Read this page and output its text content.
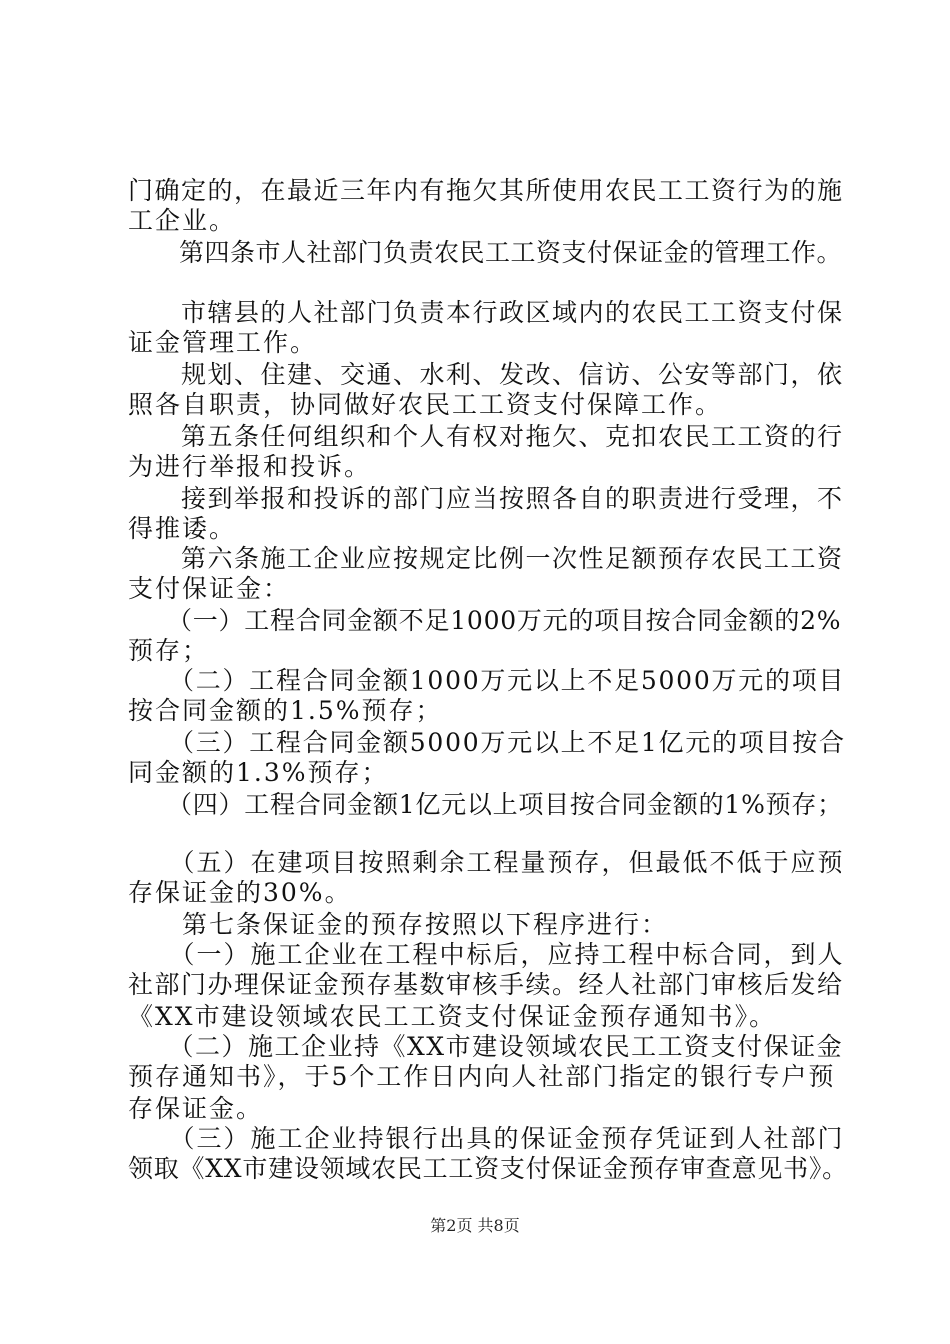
门确定的，在最近三年内有拖欠其所使用农民工工资行为的施
工企业。
　　第四条市人社部门负责农民工工资支付保证金的管理工作。
　　市辖县的人社部门负责本行政区域内的农民工工资支付保
证金管理工作。
　　规划、住建、交通、水利、发改、信访、公安等部门，依
照各自职责，协同做好农民工工资支付保障工作。
　　第五条任何组织和个人有权对拖欠、克扣农民工工资的行
为进行举报和投诉。
　　接到举报和投诉的部门应当按照各自的职责进行受理，不
得推诿。
　　第六条施工企业应按规定比例一次性足额预存农民工工资
支付保证金：
　　（一）工程合同金额不足1000万元的项目按合同金额的2%
预存；
　　（二）工程合同金额1000万元以上不足5000万元的项目
按合同金额的1.5%预存；
　　（三）工程合同金额5000万元以上不足1亿元的项目按合
同金额的1.3%预存；
　　（四）工程合同金额1亿元以上项目按合同金额的1%预存；
　　（五）在建项目按照剩余工程量预存，但最低不低于应预
存保证金的30%。
　　第七条保证金的预存按照以下程序进行：
　　（一）施工企业在工程中标后，应持工程中标合同，到人
社部门办理保证金预存基数审核手续。经人社部门审核后发给
《XX市建设领域农民工工资支付保证金预存通知书》。
　　（二）施工企业持《XX市建设领域农民工工资支付保证金
预存通知书》，于5个工作日内向人社部门指定的银行专户预
存保证金。
　　（三）施工企业持银行出具的保证金预存凭证到人社部门
领取《XX市建设领域农民工工资支付保证金预存审查意见书》。
第2页 共8页
